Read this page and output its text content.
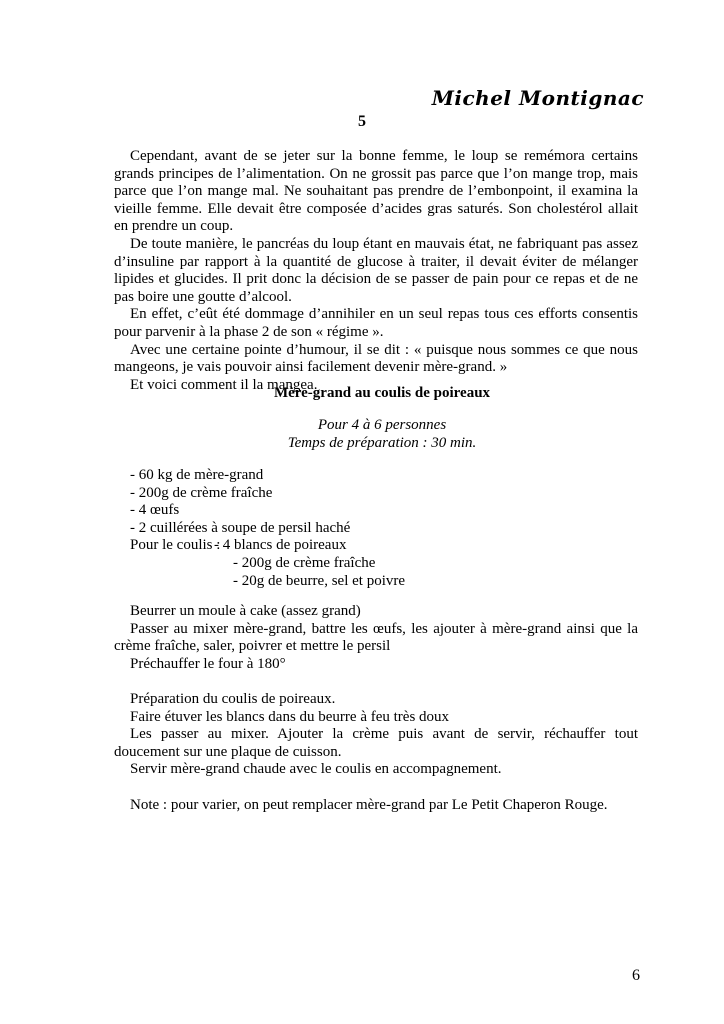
Michel Montignac
5

Cependant, avant de se jeter sur la bonne femme, le loup se remémora certains grands principes de l’alimentation. On ne grossit pas parce que l’on mange trop, mais parce que l’on mange mal. Ne souhaitant pas prendre de l’embonpoint, il examina la vieille femme. Elle devait être composée d’acides gras saturés. Son cholestérol allait en prendre un coup.

De toute manière, le pancréas du loup étant en mauvais état, ne fabriquant pas assez d’insuline par rapport à la quantité de glucose à traiter, il devait éviter de mélanger lipides et glucides. Il prit donc la décision de se passer de pain pour ce repas et de ne pas boire une goutte d’alcool.

En effet, c’eût été dommage d’annihiler en un seul repas tous ces efforts consentis pour parvenir à la phase 2 de son « régime ».

Avec une certaine pointe d’humour, il se dit : « puisque nous sommes ce que nous mangeons, je vais pouvoir ainsi facilement devenir mère-grand. »

Et voici comment il la mangea.

Mère-grand au coulis de poireaux
Pour 4 à 6 personnes
Temps de préparation : 30 min.
- 60 kg de mère-grand
- 200g de crème fraîche
- 4 œufs
- 2 cuillérées à soupe de persil haché
Pour le coulis :
- 4 blancs de poireaux
- 200g de crème fraîche
- 20g de beurre, sel et poivre

Beurrer un moule à cake (assez grand)

Passer au mixer mère-grand, battre les œufs, les ajouter à mère-grand ainsi que la crème fraîche, saler, poivrer et mettre le persil

Préchauffer le four à 180°

Préparation du coulis de poireaux.

Faire étuver les blancs dans du beurre à feu très doux

Les passer au mixer. Ajouter la crème puis avant de servir, réchauffer tout doucement sur une plaque de cuisson.

Servir mère-grand chaude avec le coulis en accompagnement.

Note : pour varier, on peut remplacer mère-grand par Le Petit Chaperon Rouge.

6
